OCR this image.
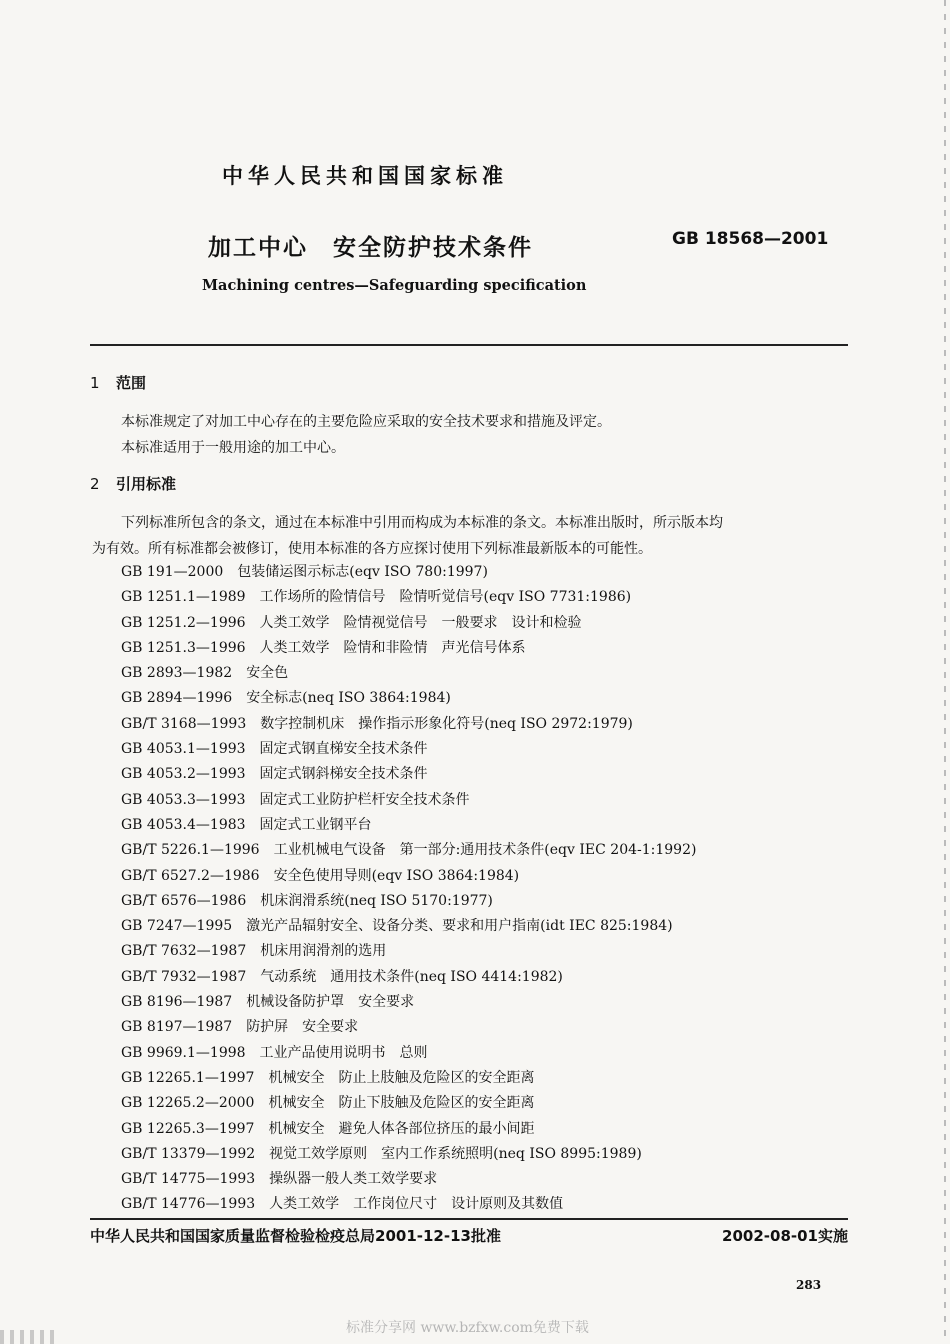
中华人民共和国国家标准
加工中心　安全防护技术条件	GB 18568—2001
Machining centres—Safeguarding specification
1 范围
本标准规定了对加工中心存在的主要危险应采取的安全技术要求和措施及评定。
本标准适用于一般用途的加工中心。
2 引用标准
下列标准所包含的条文，通过在本标准中引用而构成为本标准的条文。本标准出版时，所示版本均
为有效。所有标准都会被修订，使用本标准的各方应探讨使用下列标准最新版本的可能性。
GB 191—2000 包装储运图示标志(eqv ISO 780:1997)
GB 1251.1—1989 工作场所的险情信号　险情听觉信号(eqv ISO 7731:1986)
GB 1251.2—1996 人类工效学　险情视觉信号　一般要求　设计和检验
GB 1251.3—1996 人类工效学　险情和非险情　声光信号体系
GB 2893—1982 安全色
GB 2894—1996 安全标志(neq ISO 3864:1984)
GB/T 3168—1993 数字控制机床　操作指示形象化符号(neq ISO 2972:1979)
GB 4053.1—1993 固定式钢直梯安全技术条件
GB 4053.2—1993 固定式钢斜梯安全技术条件
GB 4053.3—1993 固定式工业防护栏杆安全技术条件
GB 4053.4—1983 固定式工业钢平台
GB/T 5226.1—1996 工业机械电气设备　第一部分:通用技术条件(eqv IEC 204-1:1992)
GB/T 6527.2—1986 安全色使用导则(eqv ISO 3864:1984)
GB/T 6576—1986 机床润滑系统(neq ISO 5170:1977)
GB 7247—1995 激光产品辐射安全、设备分类、要求和用户指南(idt IEC 825:1984)
GB/T 7632—1987 机床用润滑剂的选用
GB/T 7932—1987 气动系统　通用技术条件(neq ISO 4414:1982)
GB 8196—1987 机械设备防护罩　安全要求
GB 8197—1987 防护屏　安全要求
GB 9969.1—1998 工业产品使用说明书　总则
GB 12265.1—1997 机械安全　防止上肢触及危险区的安全距离
GB 12265.2—2000 机械安全　防止下肢触及危险区的安全距离
GB 12265.3—1997 机械安全　避免人体各部位挤压的最小间距
GB/T 13379—1992 视觉工效学原则　室内工作系统照明(neq ISO 8995:1989)
GB/T 14775—1993 操纵器一般人类工效学要求
GB/T 14776—1993 人类工效学　工作岗位尺寸　设计原则及其数值
中华人民共和国国家质量监督检验检疫总局2001-12-13批准	2002-08-01实施
283
标准分享网 www.bzfxw.com免费下载
